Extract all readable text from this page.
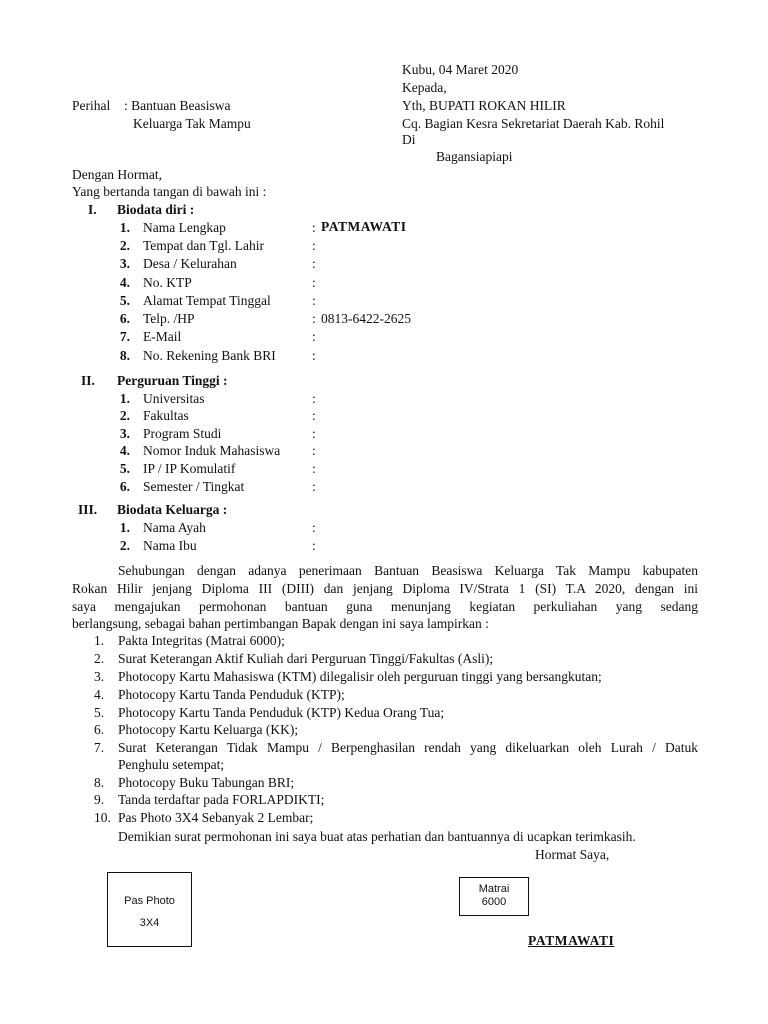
Kubu, 04 Maret 2020
Kepada,
Yth, BUPATI ROKAN HILIR
Cq. Bagian Kesra Sekretariat Daerah Kab. Rohil
Di
Bagansiapiapi
Perihal : Bantuan Beasiswa
Keluarga Tak Mampu
Dengan Hormat,
Yang bertanda tangan di bawah ini :
I. Biodata diri :
1. Nama Lengkap	: PATMAWATI
2. Tempat dan Tgl. Lahir	:
3. Desa / Kelurahan	:
4. No. KTP	:
5. Alamat Tempat Tinggal	:
6. Telp. /HP	: 0813-6422-2625
7. E-Mail	:
8. No. Rekening Bank BRI	:
II. Perguruan Tinggi :
1. Universitas	:
2. Fakultas	:
3. Program Studi	:
4. Nomor Induk Mahasiswa :
5. IP / IP Komulatif	:
6. Semester / Tingkat	:
III. Biodata Keluarga :
1. Nama Ayah	:
2. Nama Ibu	:
Sehubungan dengan adanya penerimaan Bantuan Beasiswa Keluarga Tak Mampu kabupaten
Rokan Hilir jenjang Diploma III (DIII) dan jenjang Diploma IV/Strata 1 (SI) T.A 2020, dengan ini
saya mengajukan permohonan bantuan guna menunjang kegiatan perkuliahan yang sedang
berlangsung, sebagai bahan pertimbangan Bapak dengan ini saya lampirkan :
1. Pakta Integritas (Matrai 6000);
2. Surat Keterangan Aktif Kuliah dari Perguruan Tinggi/Fakultas (Asli);
3. Photocopy Kartu Mahasiswa (KTM) dilegalisir oleh perguruan tinggi yang bersangkutan;
4. Photocopy Kartu Tanda Penduduk (KTP);
5. Photocopy Kartu Tanda Penduduk (KTP) Kedua Orang Tua;
6. Photocopy Kartu Keluarga (KK);
7. Surat Keterangan Tidak Mampu / Berpenghasilan rendah yang dikeluarkan oleh Lurah / Datuk
Penghulu setempat;
8. Photocopy Buku Tabungan BRI;
9. Tanda terdaftar pada FORLAPDIKTI;
10. Pas Photo 3X4 Sebanyak 2 Lembar;
Demikian surat permohonan ini saya buat atas perhatian dan bantuannya di ucapkan terimkasih.
Hormat Saya,
Pas Photo
3X4
Matrai
6000
PATMAWATI
